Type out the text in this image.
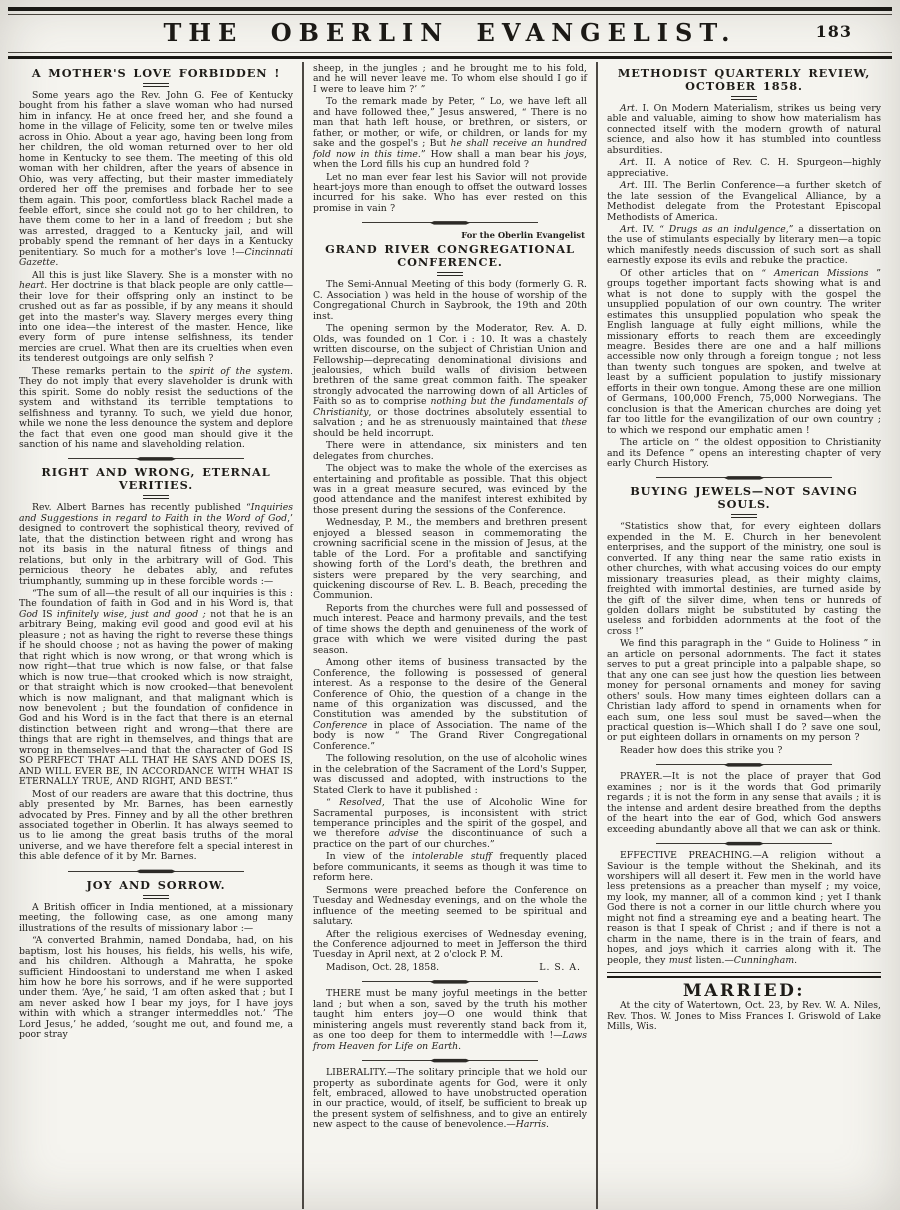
THE OBERLIN EVANGELIST.	183
A MOTHER'S LOVE FORBIDDEN !

Some years ago the Rev. John G. Fee of Kentucky bought from his father a slave woman who had nursed him in infancy. He at once freed her, and she found a home in the village of Felicity, some ten or twelve miles across in Ohio. About a year ago, having been long from her children, the old woman returned over to her old home in Kentucky to see them. The meeting of this old woman with her children, after the years of absence in Ohio, was very affecting, but their master immediately ordered her off the premises and forbade her to see them again. This poor, comfortless black Rachel made a feeble effort, since she could not go to her children, to have them come to her in a land of freedom ; but she was arrested, dragged to a Kentucky jail, and will probably spend the remnant of her days in a Kentucky penitentiary. So much for a mother's love !—Cincinnati Gazette.

All this is just like Slavery. She is a monster with no heart. Her doctrine is that black people are only cattle—their love for their offspring only an instinct to be crushed out as far as possible, if by any means it should get into the master's way. Slavery merges every thing into one idea—the interest of the master. Hence, like every form of pure intense selfishness, its tender mercies are cruel. What then are its cruelties when even its tenderest outgoings are only selfish ?

These remarks pertain to the spirit of the system. They do not imply that every slaveholder is drunk with this spirit. Some do nobly resist the seductions of the system and withstand its terrible temptations to selfishness and tyranny. To such, we yield due honor, while we none the less denounce the system and deplore the fact that even one good man should give it the sanction of his name and slaveholding relation.

RIGHT AND WRONG, ETERNAL VERITIES.

Rev. Albert Barnes has recently published “Inquiries and Suggestions in regard to Faith in the Word of God,’ designed to controvert the sophistical theory, revived of late, that the distinction between right and wrong has not its basis in the natural fitness of things and relations, but only in the arbitrary will of God. This pernicious theory he debates ably, and refutes triumphantly, summing up in these forcible words :—

“The sum of all—the result of all our inquiries is this : The foundation of faith in God and in his Word is, that God IS infinitely wise, just and good ; not that he is an arbitrary Being, making evil good and good evil at his pleasure ; not as having the right to reverse these things if he should choose ; not as having the power of making that right which is now wrong, or that wrong which is now right—that true which is now false, or that false which is now true—that crooked which is now straight, or that straight which is now crooked—that benevolent which is now malignant, and that malignant which is now benevolent ; but the foundation of confidence in God and his Word is in the fact that there is an eternal distinction between right and wrong—that there are things that are right in themselves, and things that are wrong in themselves—and that the character of God IS SO PERFECT THAT ALL THAT HE SAYS AND DOES IS, AND WILL EVER BE, IN ACCORDANCE WITH WHAT IS ETERNALLY TRUE, AND RIGHT, AND BEST.”

Most of our readers are aware that this doctrine, thus ably presented by Mr. Barnes, has been earnestly advocated by Pres. Finney and by all the other brethren associated together in Oberlin. It has always seemed to us to lie among the great basis truths of the moral universe, and we have therefore felt a special interest in this able defence of it by Mr. Barnes.

JOY AND SORROW.

A British officer in India mentioned, at a missionary meeting, the following case, as one among many illustrations of the results of missionary labor :—

“A converted Brahmin, named Dondaba, had, on his baptism, lost his houses, his fields, his wells, his wife, and his children. Although a Mahratta, he spoke sufficient Hindoostani to understand me when I asked him how he bore his sorrows, and if he were supported under them. ‘Aye,’ he said, ‘I am often asked that ; but I am never asked how I bear my joys, for I have joys within with which a stranger intermeddles not.’ ‘The Lord Jesus,’ he added, ‘sought me out, and found me, a poor stray

sheep, in the jungles ; and he brought me to his fold, and he will never leave me. To whom else should I go if I were to leave him ?’ ”

To the remark made by Peter, “ Lo, we have left all and have followed thee,” Jesus answered, “ There is no man that hath left house, or brethren, or sisters, or father, or mother, or wife, or children, or lands for my sake and the gospel's ; But he shall receive an hundred fold now in this time.” How shall a man bear his joys, when the Lord fills his cup an hundred fold ?

Let no man ever fear lest his Savior will not provide heart-joys more than enough to offset the outward losses incurred for his sake. Who has ever rested on this promise in vain ?

For the Oberlin Evangelist
GRAND RIVER CONGREGATIONAL CONFERENCE.

The Semi-Annual Meeting of this body (formerly G. R. C. Association ) was held in the house of worship of the Congregational Church in Saybrook, the 19th and 20th inst.

The opening sermon by the Moderator, Rev. A. D. Olds, was founded on 1 Cor. i : 10. It was a chastely written discourse, on the subject of Christian Union and Fellowship—deprecating denominational divisions and jealousies, which build walls of division between brethren of the same great common faith. The speaker strongly advocated the narrowing down of all Articles of Faith so as to comprise nothing but the fundamentals of Christianity, or those doctrines absolutely essential to salvation ; and he as strenuously maintained that these should be held incorrupt.

There were in attendance, six ministers and ten delegates from churches.

The object was to make the whole of the exercises as entertaining and profitable as possible. That this object was in a great measure secured, was evinced by the good attendance and the manifest interest exhibited by those present during the sessions of the Conference.

Wednesday, P. M., the members and brethren present enjoyed a blessed season in commemorating the crowning sacrificial scene in the mission of Jesus, at the table of the Lord. For a profitable and sanctifying showing forth of the Lord's death, the brethren and sisters were prepared by the very searching, and quickening discourse of Rev. L. B. Beach, preceding the Communion.

Reports from the churches were full and possessed of much interest. Peace and harmony prevails, and the test of time shows the depth and genuineness of the work of grace with which we were visited during the past season.

Among other items of business transacted by the Conference, the following is possessed of general interest. As a response to the desire of the General Conference of Ohio, the question of a change in the name of this organization was discussed, and the Constitution was amended by the substitution of Conference in place of Association. The name of the body is now “ The Grand River Congregational Conference.”

The following resolution, on the use of alcoholic wines in the celebration of the Sacrament of the Lord's Supper, was discussed and adopted, with instructions to the Stated Clerk to have it published :

“ Resolved, That the use of Alcoholic Wine for Sacramental purposes, is inconsistent with strict temperance principles and the spirit of the gospel, and we therefore advise the discontinuance of such a practice on the part of our churches.”

In view of the intolerable stuff frequently placed before communicants, it seems as though it was time to reform here.

Sermons were preached before the Conference on Tuesday and Wednesday evenings, and on the whole the influence of the meeting seemed to be spiritual and salutary.

After the religious exercises of Wednesday evening, the Conference adjourned to meet in Jefferson the third Tuesday in April next, at 2 o'clock P. M.

Madison, Oct. 28, 1858.	L. S. A.

THERE must be many joyful meetings in the better land ; but when a son, saved by the truth his mother taught him enters joy—O one would think that ministering angels must reverently stand back from it, as one too deep for them to intermeddle with !—Laws from Heaven for Life on Earth.

LIBERALITY.—The solitary principle that we hold our property as subordinate agents for God, were it only felt, embraced, allowed to have unobstructed operation in our practice, would, of itself, be sufficient to break up the present system of selfishness, and to give an entirely new aspect to the cause of benevolence.—Harris.

METHODIST QUARTERLY REVIEW, OCTOBER 1858.

Art. I. On Modern Materialism, strikes us being very able and valuable, aiming to show how materialism has connected itself with the modern growth of natural science, and also how it has stumbled into countless absurdities.

Art. II. A notice of Rev. C. H. Spurgeon—highly appreciative.

Art. III. The Berlin Conference—a further sketch of the late session of the Evangelical Alliance, by a Methodist delegate from the Protestant Episcopal Methodists of America.

Art. IV. “ Drugs as an indulgence,” a dissertation on the use of stimulants especially by literary men—a topic which manifestly needs discussion of such sort as shall earnestly expose its evils and rebuke the practice.

Of other articles that on “ American Missions ” groups together important facts showing what is and what is not done to supply with the gospel the unsupplied population of our own country. The writer estimates this unsupplied population who speak the English language at fully eight millions, while the missionary efforts to reach them are exceedingly meagre. Besides there are one and a half millions accessible now only through a foreign tongue ; not less than twenty such tongues are spoken, and twelve at least by a sufficient population to justify missionary efforts in their own tongue. Among these are one million of Germans, 100,000 French, 75,000 Norwegians. The conclusion is that the American churches are doing yet far too little for the evangilization of our own country ; to which we respond our emphatic amen !

The article on “ the oldest opposition to Christianity and its Defence ” opens an interesting chapter of very early Church History.

BUYING JEWELS—NOT SAVING SOULS.

“Statistics show that, for every eighteen dollars expended in the M. E. Church in her benevolent enterprises, and the support of the ministry, one soul is converted. If any thing near the same ratio exists in other churches, with what accusing voices do our empty missionary treasuries plead, as their mighty claims, freighted with immortal destinies, are turned aside by the gift of the silver dime, when tens or hunreds of golden dollars might be substituted by casting the useless and forbidden adornments at the foot of the cross !”

We find this paragraph in the “ Guide to Holiness ” in an article on personal adornments. The fact it states serves to put a great principle into a palpable shape, so that any one can see just how the question lies between money for personal ornaments and money for saving others' souls. How many times eighteen dollars can a Christian lady afford to spend in ornaments when for each sum, one less soul must be saved—when the practical question is—Which shall I do ? save one soul, or put eighteen dollars in ornaments on my person ?

Reader how does this strike you ?

PRAYER.—It is not the place of prayer that God examines ; nor is it the words that God primarily regards ; it is not the form in any sense that avails ; it is the intense and ardent desire breathed from the depths of the heart into the ear of God, which God answers exceeding abundantly above all that we can ask or think.

EFFECTIVE PREACHING.—A religion without a Saviour is the temple without the Shekinah, and its worshipers will all desert it. Few men in the world have less pretensions as a preacher than myself ; my voice, my look, my manner, all of a common kind ; yet I thank God there is not a corner in our little church where you might not find a streaming eye and a beating heart. The reason is that I speak of Christ ; and if there is not a charm in the name, there is in the train of fears, and hopes, and joys which it carries along with it. The people, they must listen.—Cunningham.

MARRIED:

At the city of Watertown, Oct. 23, by Rev. W. A. Niles, Rev. Thos. W. Jones to Miss Frances I. Griswold of Lake Mills, Wis.
